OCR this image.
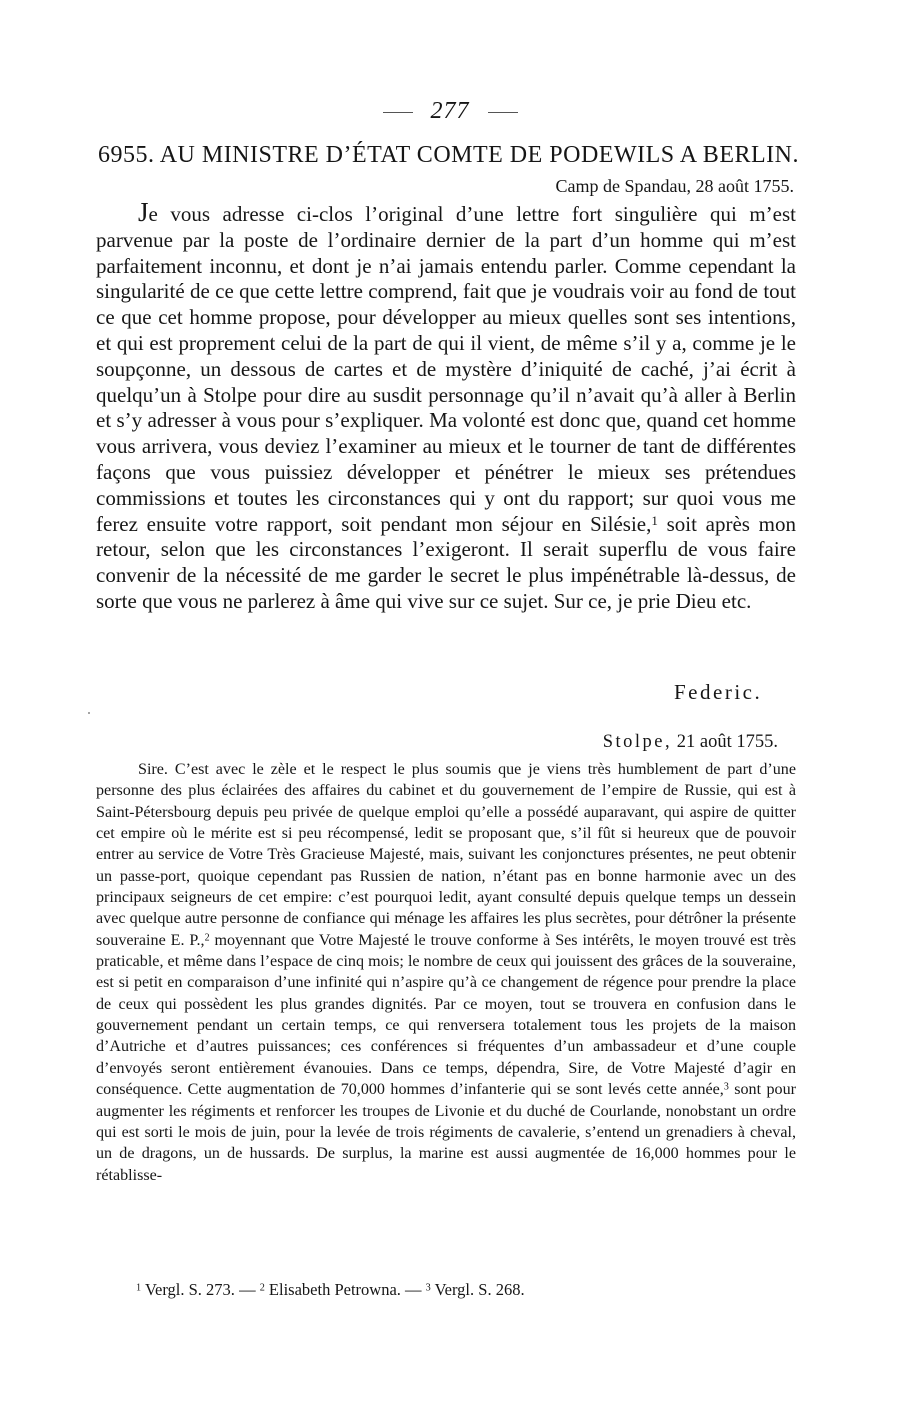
277
6955. AU MINISTRE D’ÉTAT COMTE DE PODEWILS A BERLIN.
Camp de Spandau, 28 août 1755.

Je vous adresse ci-clos l’original d’une lettre fort singulière qui m’est parvenue par la poste de l’ordinaire dernier de la part d’un homme qui m’est parfaitement inconnu, et dont je n’ai jamais entendu parler. Comme cependant la singularité de ce que cette lettre comprend, fait que je voudrais voir au fond de tout ce que cet homme propose, pour développer au mieux quelles sont ses intentions, et qui est proprement celui de la part de qui il vient, de même s’il y a, comme je le soupçonne, un dessous de cartes et de mystère d’iniquité de caché, j’ai écrit à quelqu’un à Stolpe pour dire au susdit personnage qu’il n’avait qu’à aller à Berlin et s’y adresser à vous pour s’expliquer. Ma volonté est donc que, quand cet homme vous arrivera, vous deviez l’examiner au mieux et le tourner de tant de différentes façons que vous puissiez développer et pénétrer le mieux ses prétendues commissions et toutes les circonstances qui y ont du rapport; sur quoi vous me ferez ensuite votre rapport, soit pendant mon séjour en Silésie,$^1$ soit après mon retour, selon que les circonstances l’exigeront. Il serait superflu de vous faire convenir de la nécessité de me garder le secret le plus impénétrable là-dessus, de sorte que vous ne parlerez à âme qui vive sur ce sujet. Sur ce, je prie Dieu etc.

Federic.
Stolpe, 21 août 1755.

Sire. C’est avec le zèle et le respect le plus soumis que je viens très humblement de part d’une personne des plus éclairées des affaires du cabinet et du gouvernement de l’empire de Russie, qui est à Saint-Pétersbourg depuis peu privée de quelque emploi qu’elle a possédé auparavant, qui aspire de quitter cet empire où le mérite est si peu récompensé, ledit se proposant que, s’il fût si heureux que de pouvoir entrer au service de Votre Très Gracieuse Majesté, mais, suivant les conjonctures présentes, ne peut obtenir un passe-port, quoique cependant pas Russien de nation, n’étant pas en bonne harmonie avec un des principaux seigneurs de cet empire: c’est pourquoi ledit, ayant consulté depuis quelque temps un dessein avec quelque autre personne de confiance qui ménage les affaires les plus secrètes, pour détrôner la présente souveraine E. P.,$^2$ moyennant que Votre Majesté le trouve conforme à Ses intérêts, le moyen trouvé est très praticable, et même dans l’espace de cinq mois; le nombre de ceux qui jouissent des grâces de la souveraine, est si petit en comparaison d’une infinité qui n’aspire qu’à ce changement de régence pour prendre la place de ceux qui possèdent les plus grandes dignités. Par ce moyen, tout se trouvera en confusion dans le gouvernement pendant un certain temps, ce qui renversera totalement tous les projets de la maison d’Autriche et d’autres puissances; ces conférences si fréquentes d’un ambassadeur et d’une couple d’envoyés seront entièrement évanouies. Dans ce temps, dépendra, Sire, de Votre Majesté d’agir en conséquence. Cette augmentation de 70,000 hommes d’infanterie qui se sont levés cette année,$^3$ sont pour augmenter les régiments et renforcer les troupes de Livonie et du duché de Courlande, nonobstant un ordre qui est sorti le mois de juin, pour la levée de trois régiments de cavalerie, s’entend un grenadiers à cheval, un de dragons, un de hussards. De surplus, la marine est aussi augmentée de 16,000 hommes pour le rétablisse-

$^1$ Vergl. S. 273. — $^2$ Elisabeth Petrowna. — $^3$ Vergl. S. 268.
